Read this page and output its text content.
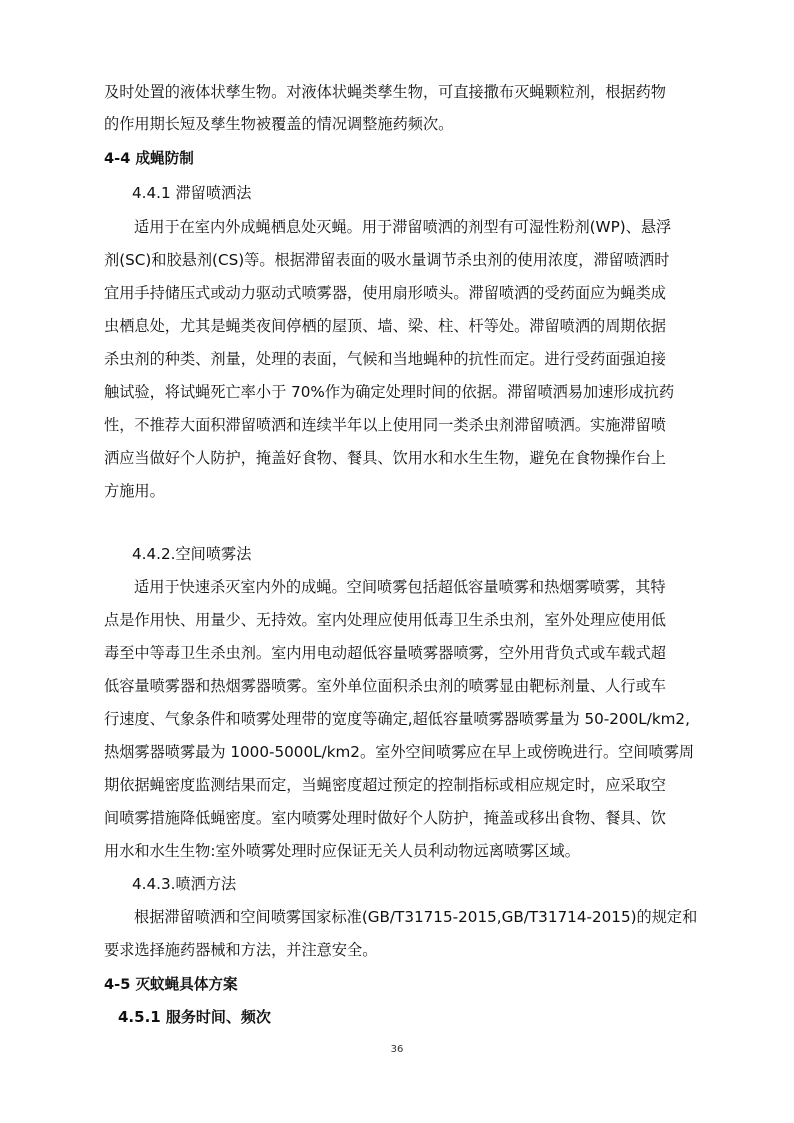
及时处置的液体状孳生物。对液体状蝇类孳生物，可直接撒布灭蝇颗粒剂，根据药物

的作用期长短及孳生物被覆盖的情况调整施药频次。

4-4 成蝇防制

4.4.1 滞留喷洒法

适用于在室内外成蝇栖息处灭蝇。用于滞留喷洒的剂型有可湿性粉剂(WP)、悬浮

剂(SC)和胶悬剂(CS)等。根据滞留表面的吸水量调节杀虫剂的使用浓度，滞留喷洒时

宜用手持储压式或动力驱动式喷雾器，使用扇形喷头。滞留喷洒的受药面应为蝇类成

虫栖息处，尤其是蝇类夜间停栖的屋顶、墙、梁、柱、杆等处。滞留喷洒的周期依据

杀虫剂的种类、剂量，处理的表面，气候和当地蝇种的抗性而定。进行受药面强迫接

触试验，将试蝇死亡率小于 70%作为确定处理时间的依据。滞留喷洒易加速形成抗药

性，不推荐大面积滞留喷洒和连续半年以上使用同一类杀虫剂滞留喷洒。实施滞留喷

洒应当做好个人防护，掩盖好食物、餐具、饮用水和水生生物，避免在食物操作台上

方施用。

4.4.2.空间喷雾法

适用于快速杀灭室内外的成蝇。空间喷雾包括超低容量喷雾和热烟雾喷雾，其特

点是作用快、用量少、无持效。室内处理应使用低毒卫生杀虫剂，室外处理应使用低

毒至中等毒卫生杀虫剂。室内用电动超低容量喷雾器喷雾，空外用背负式或车载式超

低容量喷雾器和热烟雾器喷雾。室外单位面积杀虫剂的喷雾显由靶标剂量、人行或车

行速度、气象条件和喷雾处理带的宽度等确定,超低容量喷雾器喷雾量为 50-200L/km2,

热烟雾器喷雾最为 1000-5000L/km2。室外空间喷雾应在早上或傍晚进行。空间喷雾周

期依据蝇密度监测结果而定，当蝇密度超过预定的控制指标或相应规定时，应采取空

间喷雾措施降低蝇密度。室内喷雾处理时做好个人防护，掩盖或移出食物、餐具、饮

用水和水生生物:室外喷雾处理时应保证无关人员利动物远离喷雾区域。

4.4.3.喷洒方法

根据滞留喷洒和空间喷雾国家标准(GB/T31715-2015,GB/T31714-2015)的规定和

要求选择施药器械和方法，并注意安全。

4-5 灭蚊蝇具体方案

4.5.1 服务时间、频次

36
